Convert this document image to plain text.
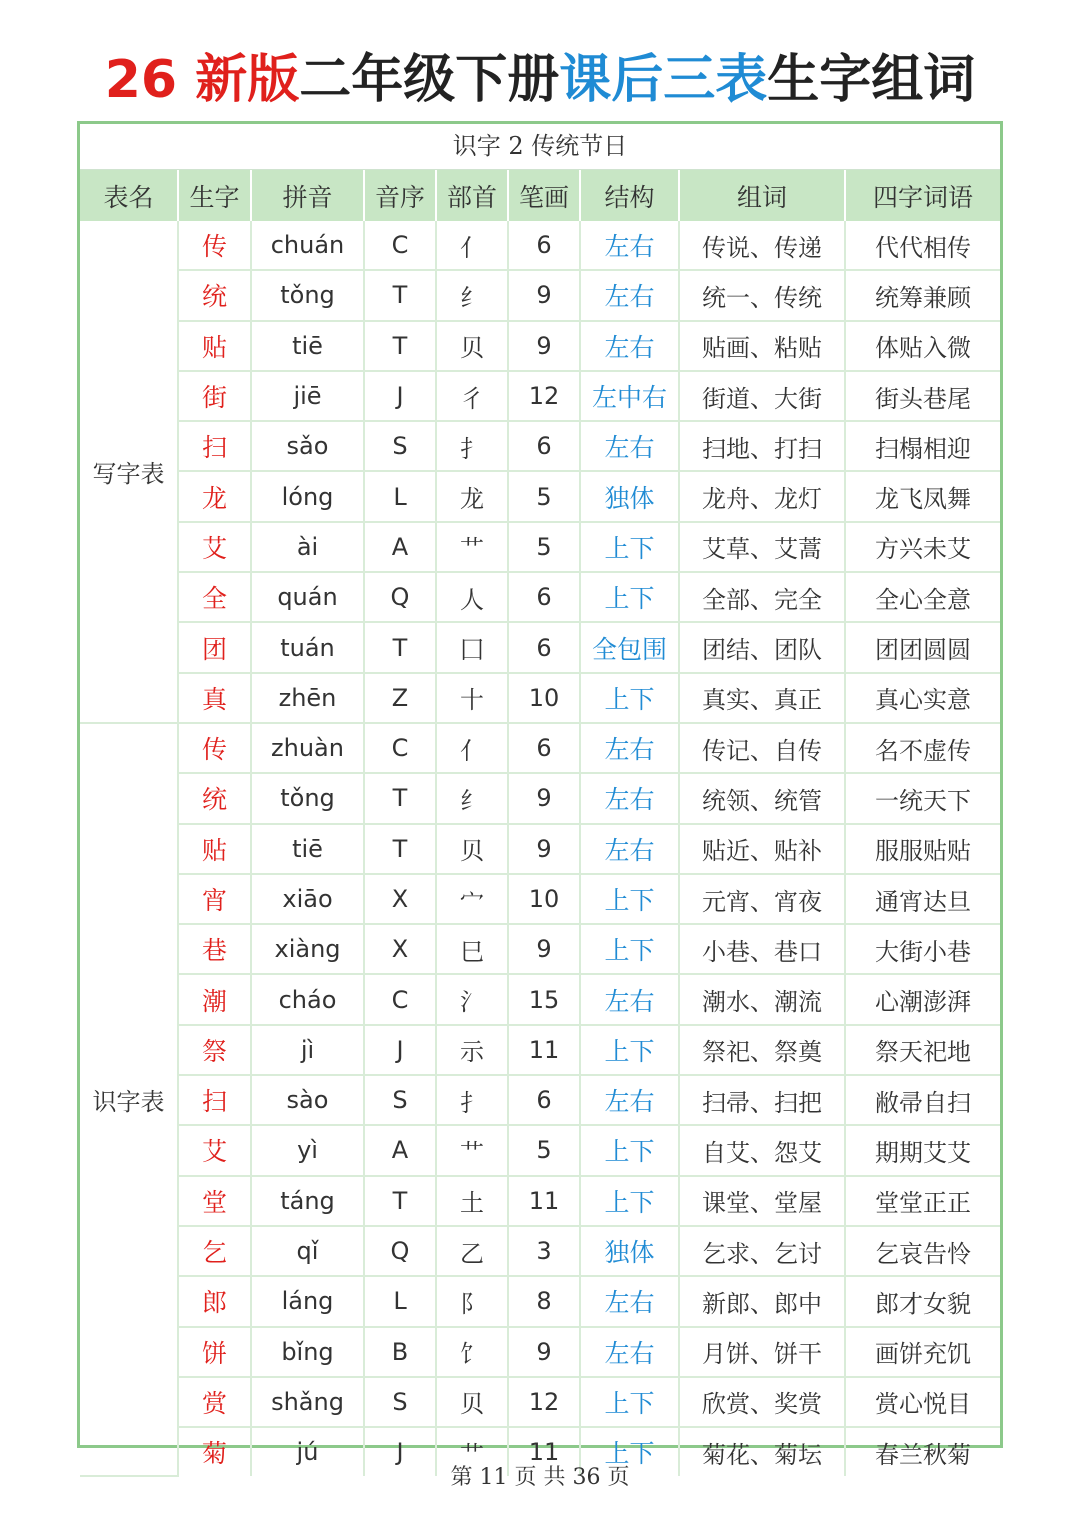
26 新版二年级下册课后三表生字组词
识字 2 传统节日
表名	生字	拼音	音序	部首	笔画	结构	组词	四字词语
写字表	传	chuán	C	亻	6	左右	传说、传递	代代相传
	统	tǒng	T	纟	9	左右	统一、传统	统筹兼顾
	贴	tiē	T	贝	9	左右	贴画、粘贴	体贴入微
	街	jiē	J	彳	12	左中右	街道、大街	街头巷尾
	扫	sǎo	S	扌	6	左右	扫地、打扫	扫榻相迎
	龙	lóng	L	龙	5	独体	龙舟、龙灯	龙飞凤舞
	艾	ài	A	艹	5	上下	艾草、艾蒿	方兴未艾
	全	quán	Q	人	6	上下	全部、完全	全心全意
	团	tuán	T	囗	6	全包围	团结、团队	团团圆圆
	真	zhēn	Z	十	10	上下	真实、真正	真心实意
识字表	传	zhuàn	C	亻	6	左右	传记、自传	名不虚传
	统	tǒng	T	纟	9	左右	统领、统管	一统天下
	贴	tiē	T	贝	9	左右	贴近、贴补	服服贴贴
	宵	xiāo	X	宀	10	上下	元宵、宵夜	通宵达旦
	巷	xiàng	X	巳	9	上下	小巷、巷口	大街小巷
	潮	cháo	C	氵	15	左右	潮水、潮流	心潮澎湃
	祭	jì	J	示	11	上下	祭祀、祭奠	祭天祀地
	扫	sào	S	扌	6	左右	扫帚、扫把	敝帚自扫
	艾	yì	A	艹	5	上下	自艾、怨艾	期期艾艾
	堂	táng	T	土	11	上下	课堂、堂屋	堂堂正正
	乞	qǐ	Q	乙	3	独体	乞求、乞讨	乞哀告怜
	郎	láng	L	阝	8	左右	新郎、郎中	郎才女貌
	饼	bǐng	B	饣	9	左右	月饼、饼干	画饼充饥
	赏	shǎng	S	贝	12	上下	欣赏、奖赏	赏心悦目
	菊	jú	J	艹	11	上下	菊花、菊坛	春兰秋菊
第 11 页 共 36 页
